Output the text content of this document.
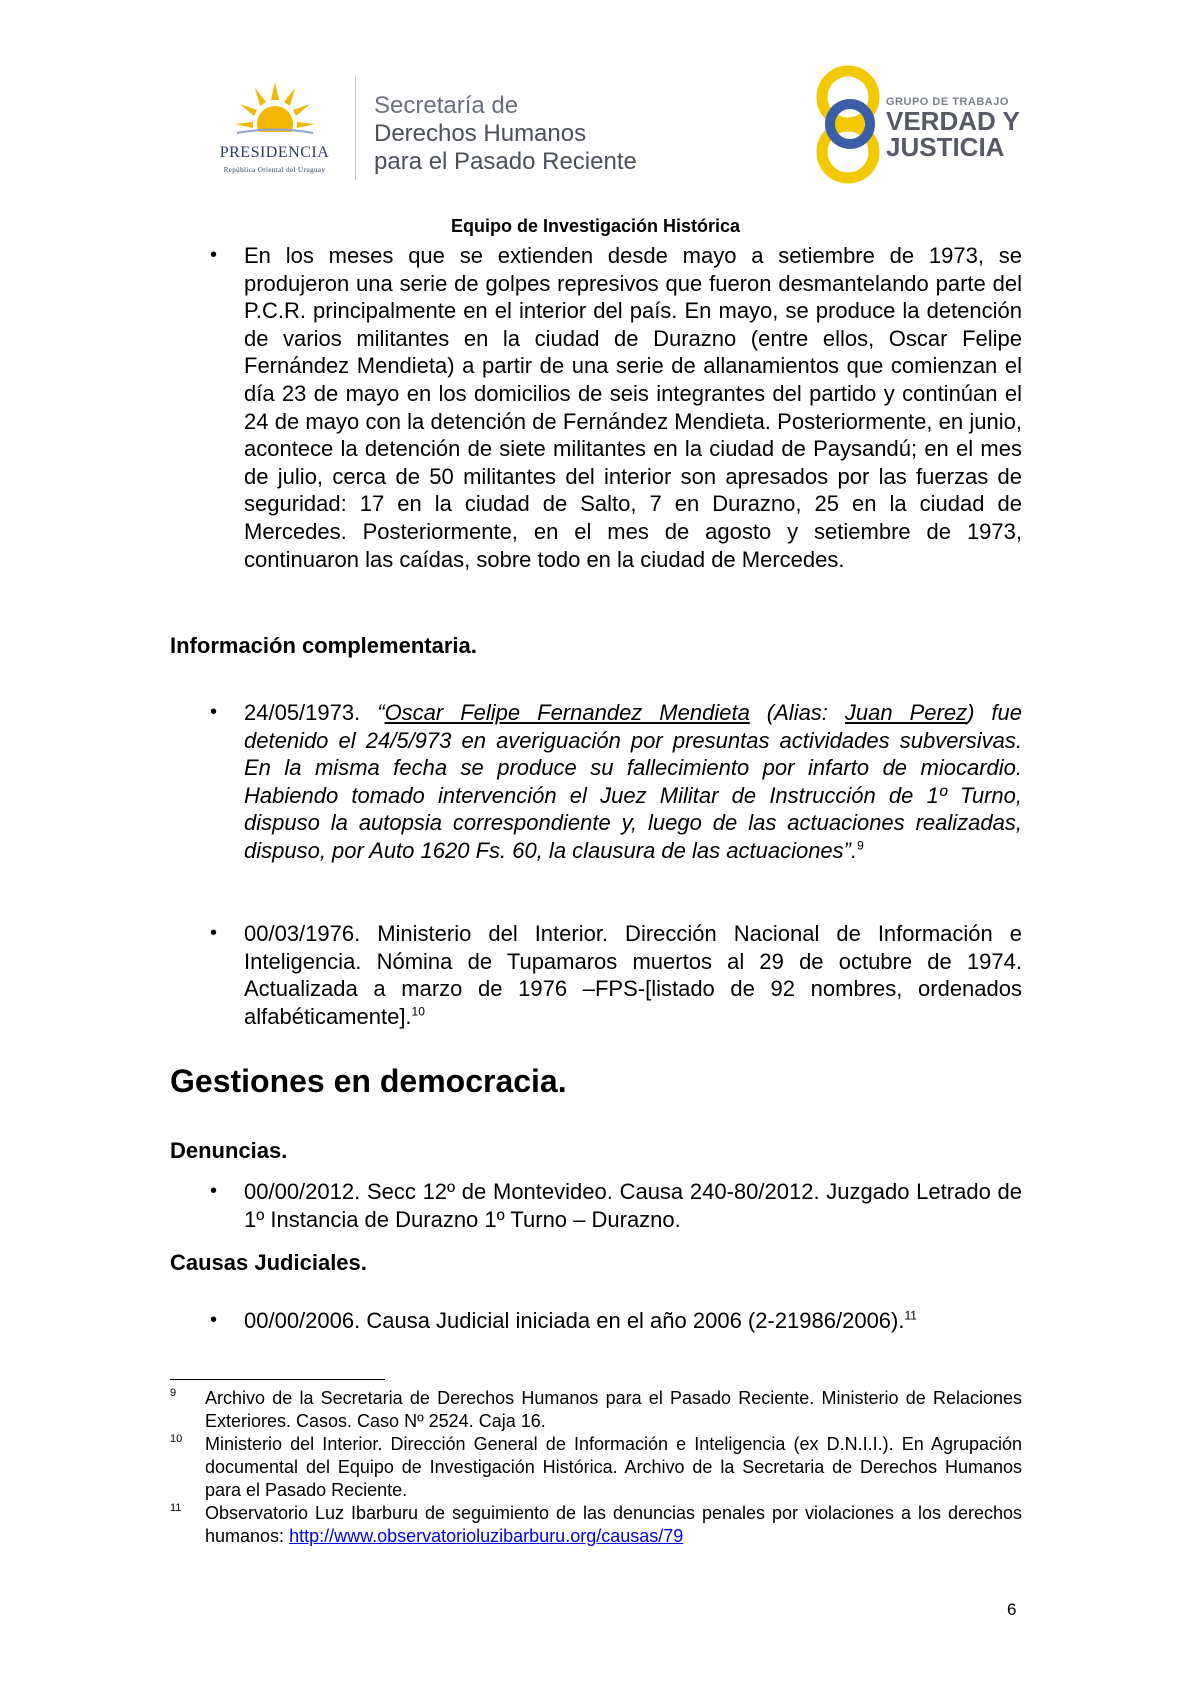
PRESIDENCIA
República Oriental del Uruguay
Secretaría de
Derechos Humanos
para el Pasado Reciente
GRUPO DE TRABAJO
VERDAD Y
JUSTICIA
Equipo de Investigación Histórica
• En los meses que se extienden desde mayo a setiembre de 1973, se produjeron una serie de golpes represivos que fueron desmantelando parte del P.C.R. principalmente en el interior del país. En mayo, se produce la detención de varios militantes en la ciudad de Durazno (entre ellos, Oscar Felipe Fernández Mendieta) a partir de una serie de allanamientos que comienzan el día 23 de mayo en los domicilios de seis integrantes del partido y continúan el 24 de mayo con la detención de Fernández Mendieta. Posteriormente, en junio, acontece la detención de siete militantes en la ciudad de Paysandú; en el mes de julio, cerca de 50 militantes del interior son apresados por las fuerzas de seguridad: 17 en la ciudad de Salto, 7 en Durazno, 25 en la ciudad de Mercedes. Posteriormente, en el mes de agosto y setiembre de 1973, continuaron las caídas, sobre todo en la ciudad de Mercedes.
Información complementaria.
• 24/05/1973. “Oscar Felipe Fernandez Mendieta (Alias: Juan Perez) fue detenido el 24/5/973 en averiguación por presuntas actividades subversivas. En la misma fecha se produce su fallecimiento por infarto de miocardio. Habiendo tomado intervención el Juez Militar de Instrucción de 1º Turno, dispuso la autopsia correspondiente y, luego de las actuaciones realizadas, dispuso, por Auto 1620 Fs. 60, la clausura de las actuaciones”.$^9$
• 00/03/1976. Ministerio del Interior. Dirección Nacional de Información e Inteligencia. Nómina de Tupamaros muertos al 29 de octubre de 1974. Actualizada a marzo de 1976 –FPS-[listado de 92 nombres, ordenados alfabéticamente].$^{10}$
Gestiones en democracia.
Denuncias.
• 00/00/2012. Secc 12º de Montevideo. Causa 240-80/2012. Juzgado Letrado de 1º Instancia de Durazno 1º Turno – Durazno.
Causas Judiciales.
• 00/00/2006. Causa Judicial iniciada en el año 2006 (2-21986/2006).$^{11}$
9 Archivo de la Secretaria de Derechos Humanos para el Pasado Reciente. Ministerio de Relaciones Exteriores. Casos. Caso Nº 2524. Caja 16.
10 Ministerio del Interior. Dirección General de Información e Inteligencia (ex D.N.I.I.). En Agrupación documental del Equipo de Investigación Histórica. Archivo de la Secretaria de Derechos Humanos para el Pasado Reciente.
11 Observatorio Luz Ibarburu de seguimiento de las denuncias penales por violaciones a los derechos humanos: http://www.observatorioluzibarburu.org/causas/79
6
